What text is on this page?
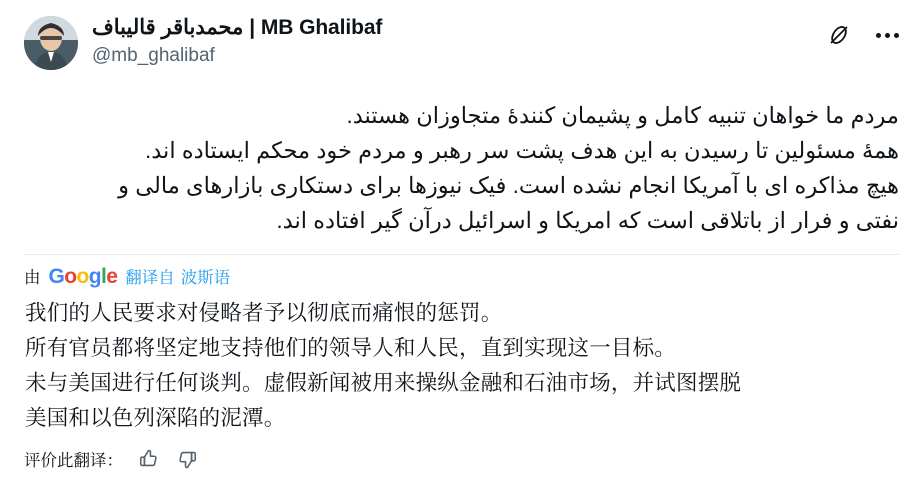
محمدباقر قالیباف | MB Ghalibaf
@mb_ghalibaf
مردم ما خواهان تنبیه کامل و پشیمان کنندۀ متجاوزان هستند.
همۀ مسئولین تا رسیدن به این هدف پشت سر رهبر و مردم خود محکم ایستاده اند.
هیچ مذاکره ای با آمریکا انجام نشده است. فیک نیوزها برای دستکاری بازارهای مالی و
نفتی و فرار از باتلاقی است که امریکا و اسرائیل درآن گیر افتاده اند.
由 Google 翻译自 波斯语
我们的人民要求对侵略者予以彻底而痛恨的惩罚。
所有官员都将坚定地支持他们的领导人和人民，直到实现这一目标。
未与美国进行任何谈判。虚假新闻被用来操纵金融和石油市场，并试图摆脱
美国和以色列深陷的泥潭。
评价此翻译：
